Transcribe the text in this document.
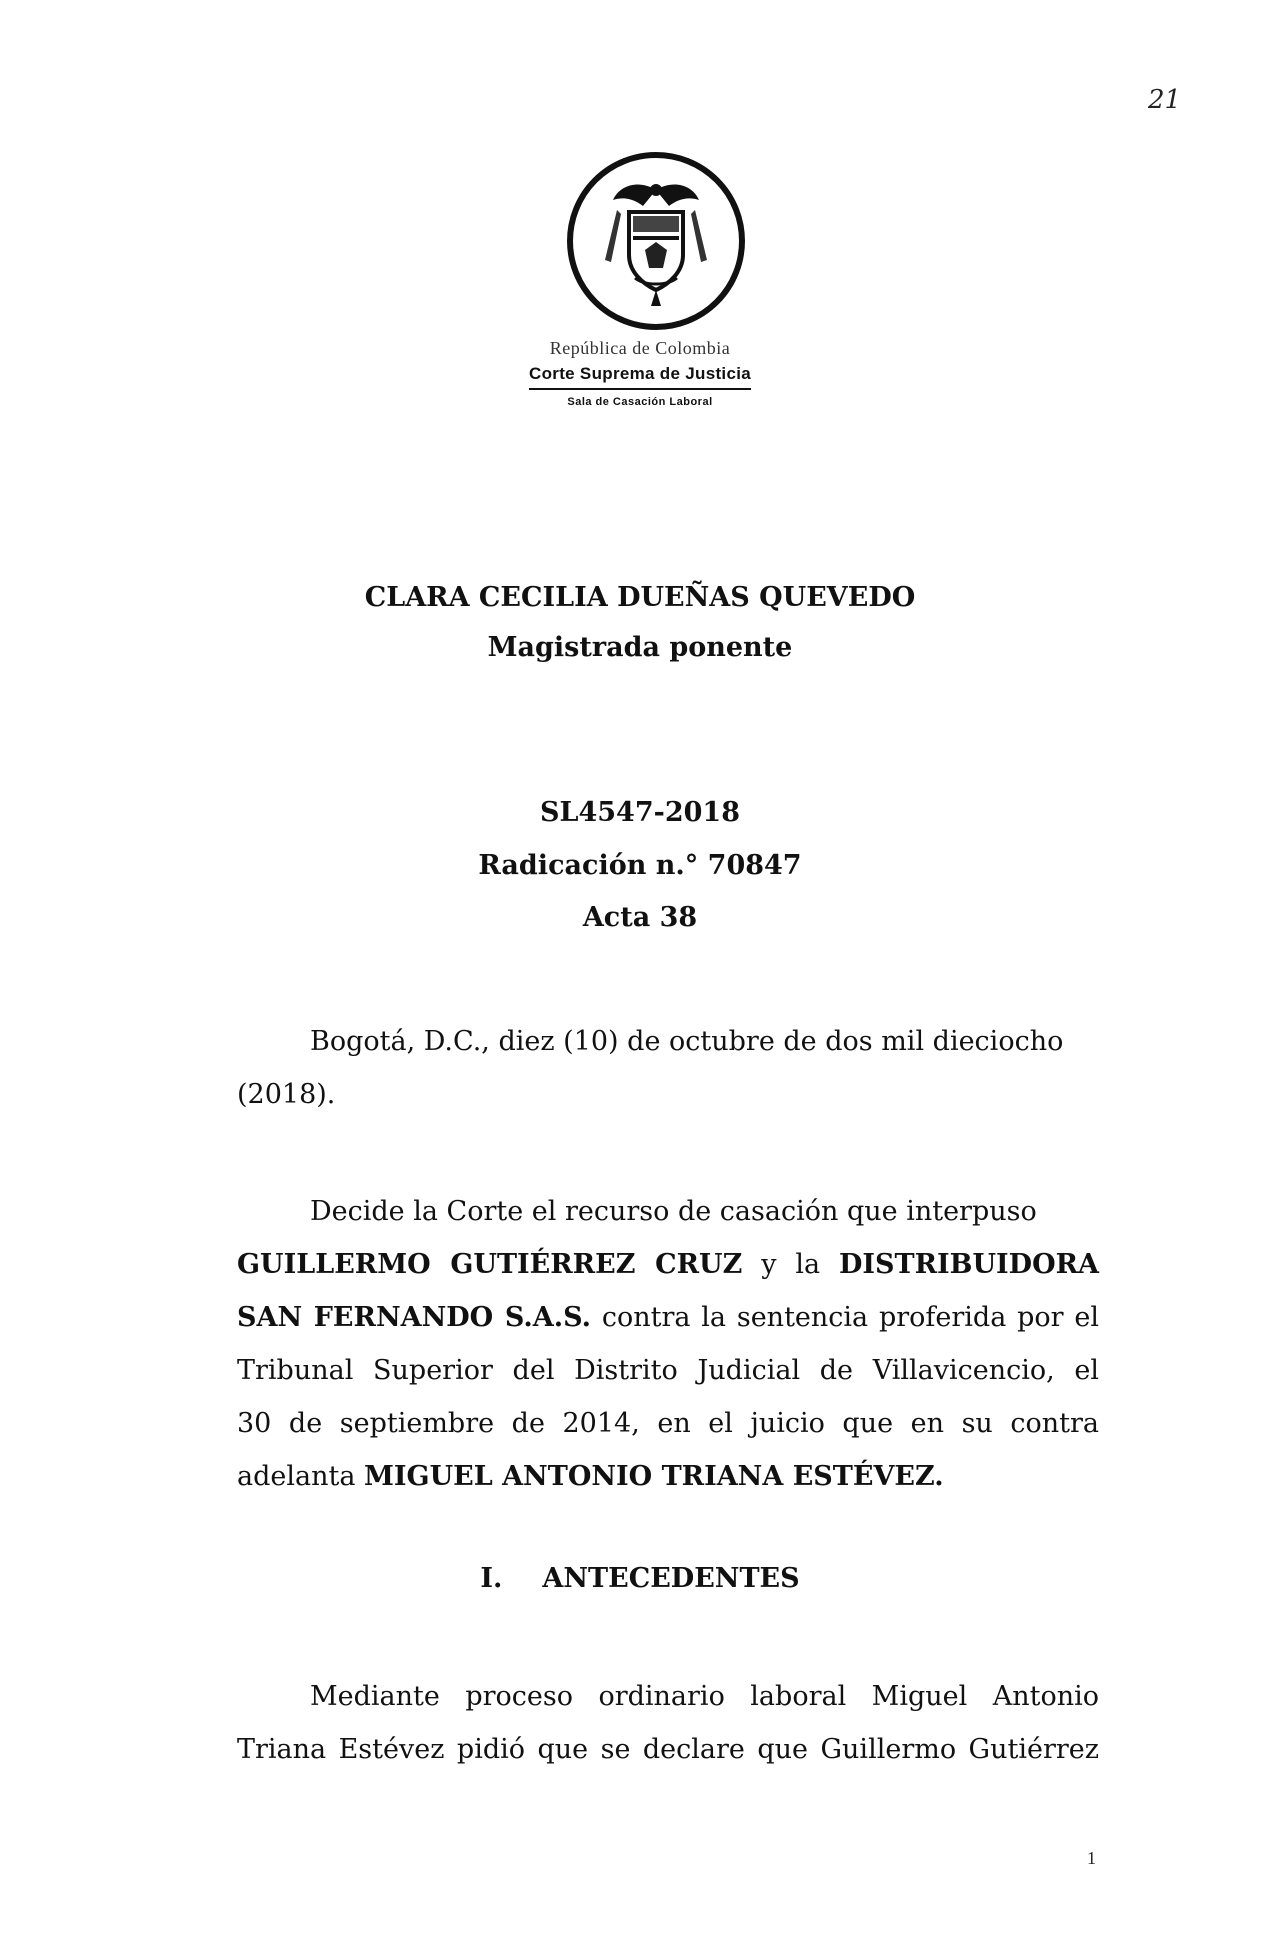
21
República de Colombia
Corte Suprema de Justicia
Sala de Casación Laboral
CLARA CECILIA DUEÑAS QUEVEDO
Magistrada ponente
SL4547-2018
Radicación n.° 70847
Acta 38
Bogotá, D.C., diez (10) de octubre de dos mil dieciocho
(2018).
Decide la Corte el recurso de casación que interpuso
GUILLERMO GUTIÉRREZ CRUZ y la DISTRIBUIDORA
SAN FERNANDO S.A.S. contra la sentencia proferida por el
Tribunal Superior del Distrito Judicial de Villavicencio, el
30 de septiembre de 2014, en el juicio que en su contra
adelanta MIGUEL ANTONIO TRIANA ESTÉVEZ.
I. ANTECEDENTES
Mediante proceso ordinario laboral Miguel Antonio
Triana Estévez pidió que se declare que Guillermo Gutiérrez
1
